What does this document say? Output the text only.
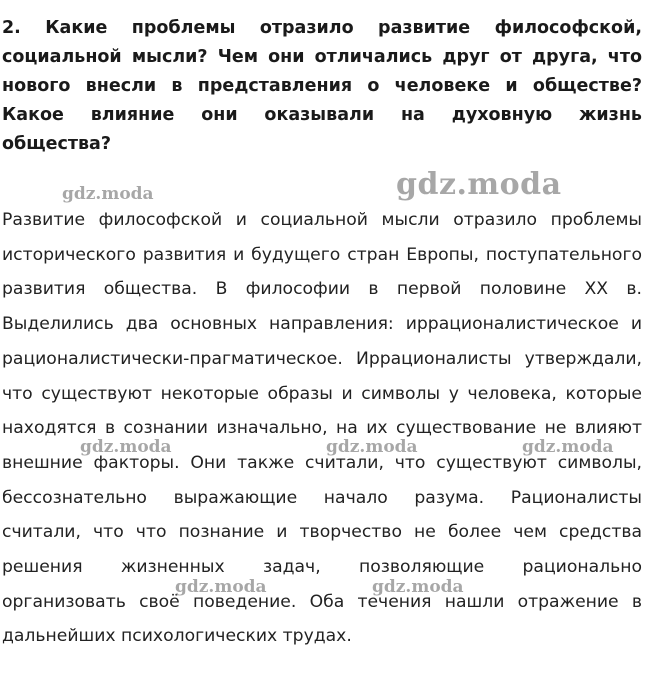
2. Какие проблемы отразило развитие философской,
социальной мысли? Чем они отличались друг от друга, что
нового внесли в представления о человеке и обществе?
Какое влияние они оказывали на духовную жизнь
общества?
Развитие философской и социальной мысли отразило проблемы
исторического развития и будущего стран Европы, поступательного
развития общества. В философии в первой половине XX в.
Выделились два основных направления: иррационалистическое и
рационалистически-прагматическое. Иррационалисты утверждали,
что существуют некоторые образы и символы у человека, которые
находятся в сознании изначально, на их существование не влияют
внешние факторы. Они также считали, что существуют символы,
бессознательно выражающие начало разума. Рационалисты
считали, что что познание и творчество не более чем средства
решения жизненных задач, позволяющие рационально
организовать своё поведение. Оба течения нашли отражение в
дальнейших психологических трудах.
gdz.moda
gdz.moda
gdz.moda	gdz.moda	gdz.moda
gdz.moda	gdz.moda
